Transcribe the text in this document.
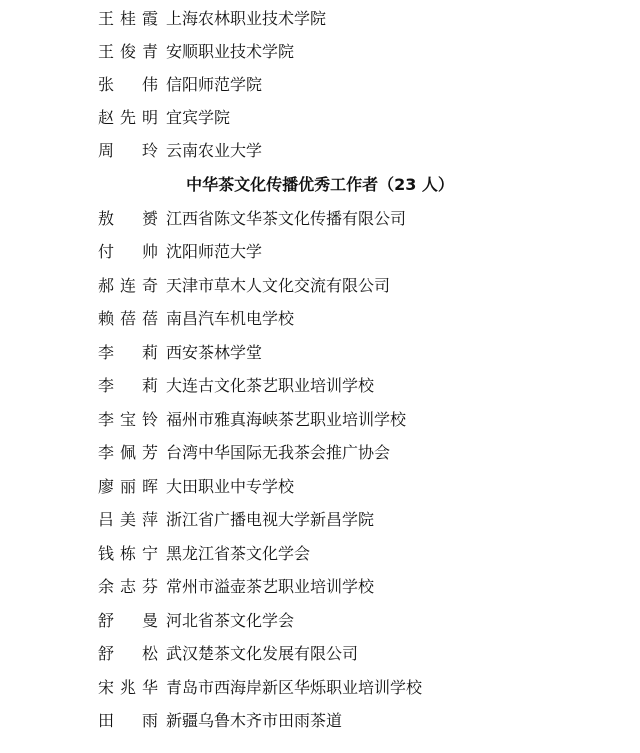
王桂霞 上海农林职业技术学院
王俊青 安顺职业技术学院
张　伟 信阳师范学院
赵先明 宜宾学院
周　玲 云南农业大学
中华茶文化传播优秀工作者（23 人）
敖　赟 江西省陈文华茶文化传播有限公司
付　帅 沈阳师范大学
郝连奇 天津市草木人文化交流有限公司
赖蓓蓓 南昌汽车机电学校
李　莉 西安茶林学堂
李　莉 大连古文化茶艺职业培训学校
李宝铃 福州市雅真海峡茶艺职业培训学校
李佩芳 台湾中华国际无我茶会推广协会
廖丽晖 大田职业中专学校
吕美萍 浙江省广播电视大学新昌学院
钱栋宁 黑龙江省茶文化学会
余志芬 常州市溢壶茶艺职业培训学校
舒　曼 河北省茶文化学会
舒　松 武汉楚茶文化发展有限公司
宋兆华 青岛市西海岸新区华烁职业培训学校
田　雨 新疆乌鲁木齐市田雨茶道
